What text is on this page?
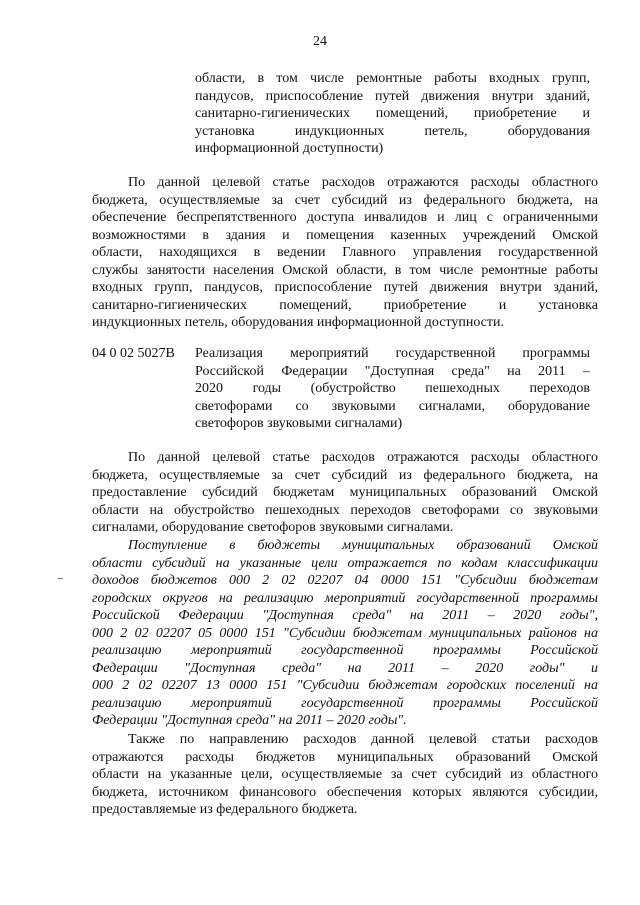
24
области, в том числе ремонтные работы входных групп,
пандусов, приспособление путей движения внутри зданий,
санитарно-гигиенических помещений, приобретение и
установка индукционных петель, оборудования
информационной доступности)
По данной целевой статье расходов отражаются расходы областного
бюджета, осуществляемые за счет субсидий из федерального бюджета, на
обеспечение беспрепятственного доступа инвалидов и лиц с ограниченными
возможностями в здания и помещения казенных учреждений Омской
области, находящихся в ведении Главного управления государственной
службы занятости населения Омской области, в том числе ремонтные работы
входных групп, пандусов, приспособление путей движения внутри зданий,
санитарно-гигиенических помещений, приобретение и установка
индукционных петель, оборудования информационной доступности.
04 0 02 5027В Реализация мероприятий государственной программы
Российской Федерации "Доступная среда" на 2011 –
2020 годы (обустройство пешеходных переходов
светофорами со звуковыми сигналами, оборудование
светофоров звуковыми сигналами)
По данной целевой статье расходов отражаются расходы областного
бюджета, осуществляемые за счет субсидий из федерального бюджета, на
предоставление субсидий бюджетам муниципальных образований Омской
области на обустройство пешеходных переходов светофорами со звуковыми
сигналами, оборудование светофоров звуковыми сигналами.
Поступление в бюджеты муниципальных образований Омской
области субсидий на указанные цели отражается по кодам классификации
доходов бюджетов 000 2 02 02207 04 0000 151 "Субсидии бюджетам
городских округов на реализацию мероприятий государственной программы
Российской Федерации "Доступная среда" на 2011 – 2020 годы",
000 2 02 02207 05 0000 151 "Субсидии бюджетам муниципальных районов на
реализацию мероприятий государственной программы Российской
Федерации "Доступная среда" на 2011 – 2020 годы" и
000 2 02 02207 13 0000 151 "Субсидии бюджетам городских поселений на
реализацию мероприятий государственной программы Российской
Федерации "Доступная среда" на 2011 – 2020 годы".
Также по направлению расходов данной целевой статьи расходов
отражаются расходы бюджетов муниципальных образований Омской
области на указанные цели, осуществляемые за счет субсидий из областного
бюджета, источником финансового обеспечения которых являются субсидии,
предоставляемые из федерального бюджета.
